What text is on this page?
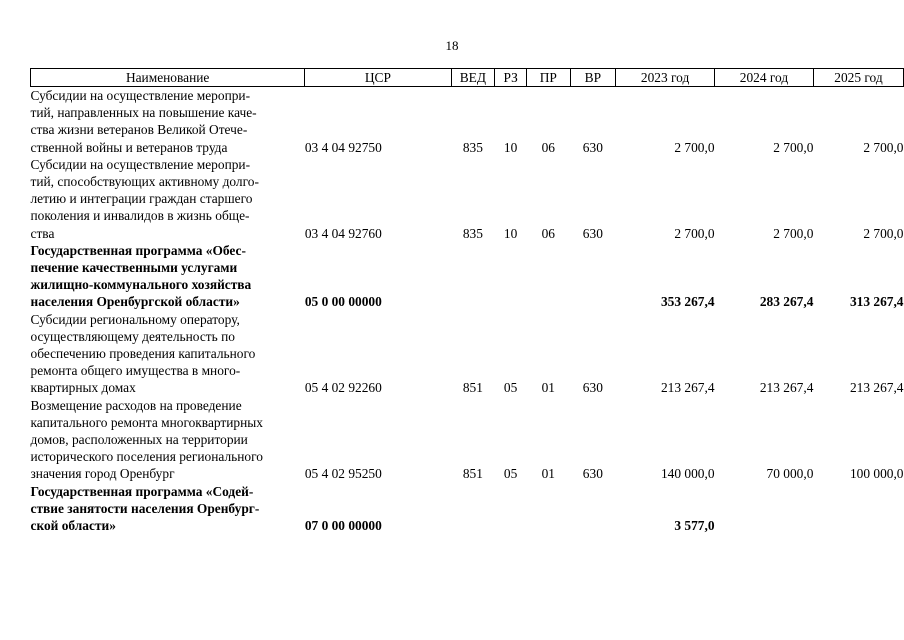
18
Наименование	ЦСР	ВЕД	РЗ	ПР	ВР	2023 год	2024 год	2025 год

Субсидии на осуществление меропри-
тий, направленных на повышение каче-
ства жизни ветеранов Великой Отече-
ственной войны и ветеранов труда	03 4 04 92750	835	10	06	630	2 700,0	2 700,0	2 700,0

Субсидии на осуществление меропри-
тий, способствующих активному долго-
летию и интеграции граждан старшего
поколения и инвалидов в жизнь обще-
ства	03 4 04 92760	835	10	06	630	2 700,0	2 700,0	2 700,0

Государственная программа «Обес-
печение качественными услугами
жилищно-коммунального хозяйства
населения Оренбургской области»	05 0 00 00000					353 267,4	283 267,4	313 267,4

Субсидии региональному оператору,
осуществляющему деятельность по
обеспечению проведения капитального
ремонта общего имущества в много-
квартирных домах	05 4 02 92260	851	05	01	630	213 267,4	213 267,4	213 267,4

Возмещение расходов на проведение
капитального ремонта многоквартирных
домов, расположенных на территории
исторического поселения регионального
значения город Оренбург	05 4 02 95250	851	05	01	630	140 000,0	70 000,0	100 000,0

Государственная программа «Содей-
ствие занятости населения Оренбург-
ской области»	07 0 00 00000					3 577,0		
